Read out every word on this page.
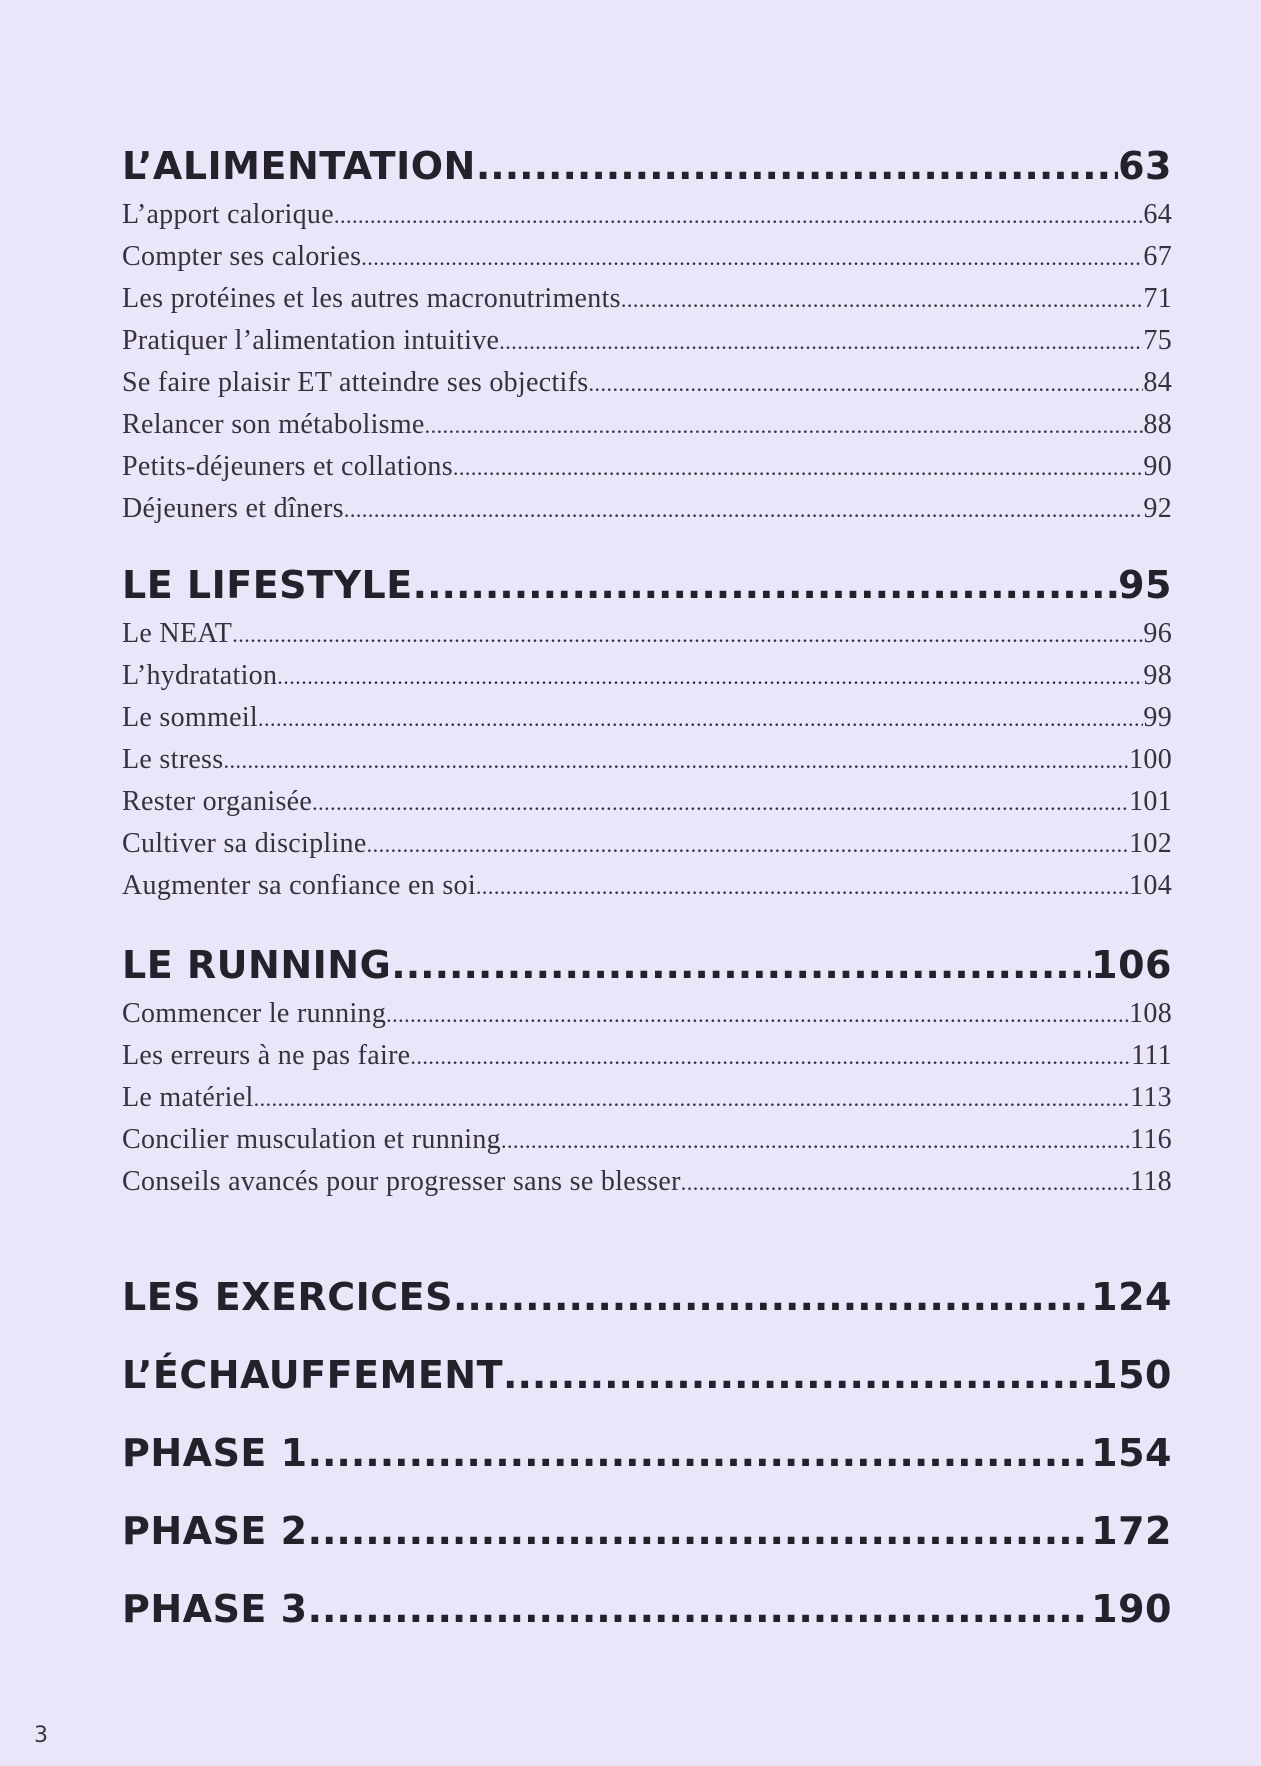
L’ALIMENTATION .....	63
L’apport calorique .....	64
Compter ses calories .....	67
Les protéines et les autres macronutriments .....	71
Pratiquer l’alimentation intuitive .....	75
Se faire plaisir ET atteindre ses objectifs .....	84
Relancer son métabolisme .....	88
Petits-déjeuners et collations .....	90
Déjeuners et dîners .....	92
LE LIFESTYLE .....	95
Le NEAT .....	96
L’hydratation .....	98
Le sommeil .....	99
Le stress .....	100
Rester organisée .....	101
Cultiver sa discipline .....	102
Augmenter sa confiance en soi .....	104
LE RUNNING .....	106
Commencer le running .....	108
Les erreurs à ne pas faire .....	111
Le matériel .....	113
Concilier musculation et running .....	116
Conseils avancés pour progresser sans se blesser .....	118
LES EXERCICES .....	124
L’ÉCHAUFFEMENT .....	150
PHASE 1 .....	154
PHASE 2 .....	172
PHASE 3 .....	190
3
